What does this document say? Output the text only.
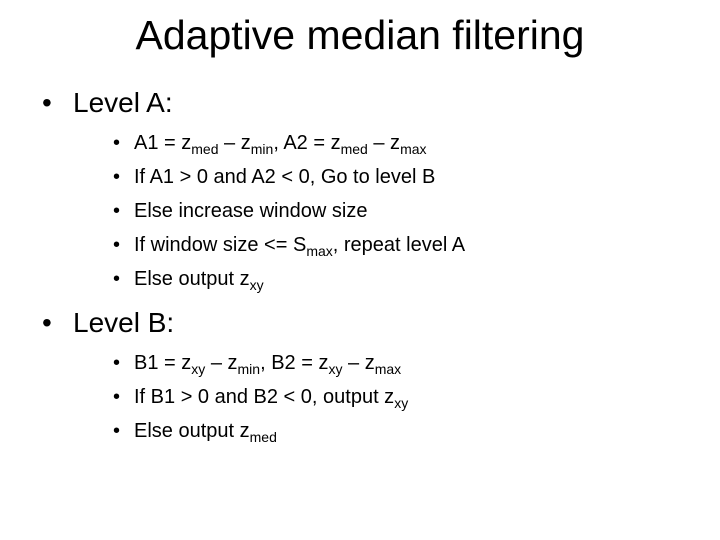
Adaptive median filtering
• Level A:
• $A1 = z_{med} - z_{min}$, $A2 = z_{med} - z_{max}$
• If A1 > 0 and A2 < 0, Go to level B
• Else increase window size
• If window size <= $S_{max}$, repeat level A
• Else output $z_{xy}$
• Level B:
• $B1 = z_{xy} - z_{min}$, $B2 = z_{xy} - z_{max}$
• If B1 > 0 and B2 < 0, output $z_{xy}$
• Else output $z_{med}$
